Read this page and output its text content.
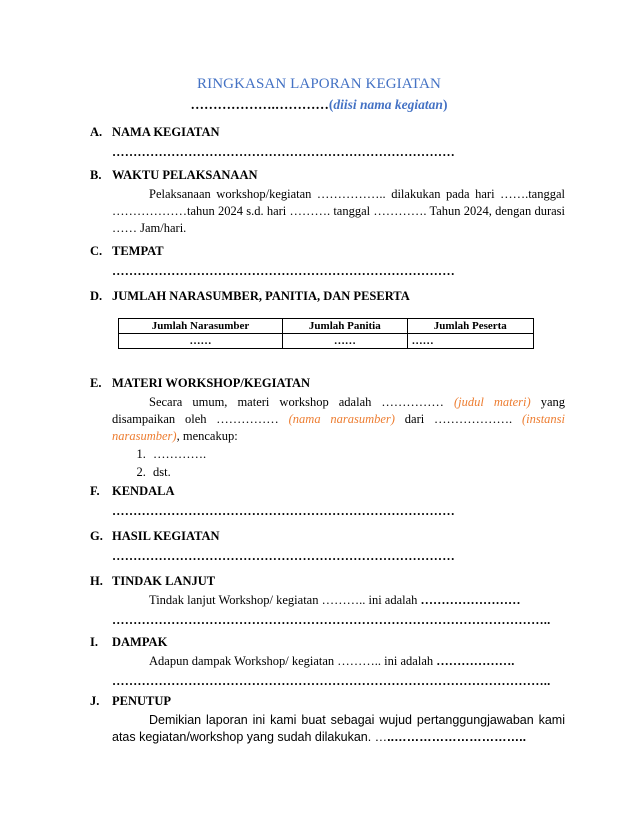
RINGKASAN LAPORAN KEGIATAN
……………….…………(diisi nama kegiatan)
A. NAMA KEGIATAN
………………………………………………………………………
B. WAKTU PELAKSANAAN
Pelaksanaan workshop/kegiatan …………….. dilakukan pada hari …….tanggal ………………tahun 2024 s.d. hari ………. tanggal …………. Tahun 2024, dengan durasi …… Jam/hari.
C. TEMPAT
………………………………………………………………………
D. JUMLAH NARASUMBER, PANITIA, DAN PESERTA
Jumlah Narasumber	Jumlah Panitia	Jumlah Peserta
……	……	……
E. MATERI WORKSHOP/KEGIATAN
Secara umum, materi workshop adalah …………… (judul materi) yang disampaikan oleh …………… (nama narasumber) dari ………………. (instansi narasumber), mencakup:
1. ………….
2. dst.
F. KENDALA
………………………………………………………………………
G. HASIL KEGIATAN
………………………………………………………………………
H. TINDAK LANJUT
Tindak lanjut Workshop/ kegiatan ……….. ini adalah ……………………
…………………………………………………………………………………………..
I. DAMPAK
Adapun dampak Workshop/ kegiatan ……….. ini adalah ……………….
…………………………………………………………………………………………..
J. PENUTUP
Demikian laporan ini kami buat sebagai wujud pertanggungjawaban kami atas kegiatan/workshop yang sudah dilakukan. …..…………………………..
